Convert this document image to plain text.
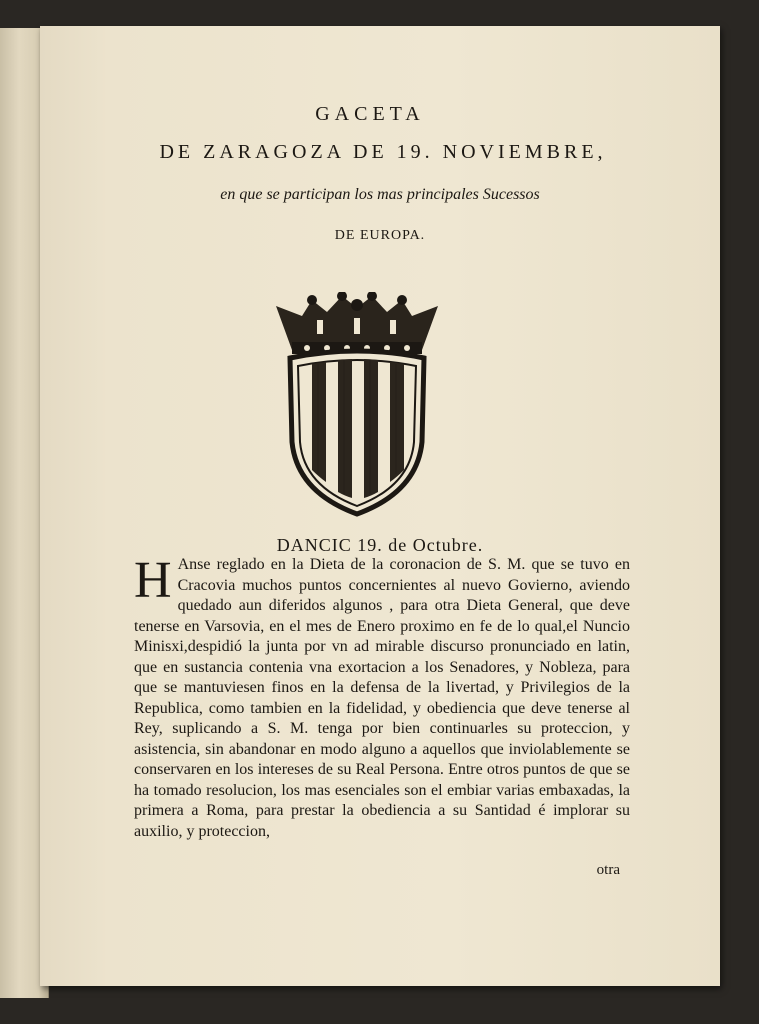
GACETA
DE ZARAGOZA DE 19. NOVIEMBRE,
en que se participan los mas principales Sucessos
DE EUROPA.
DANCIC 19. de Octubre.
H Anse reglado en la Dieta de la coronacion de S. M. que se tuvo en Cracovia muchos puntos concernientes al nuevo Govierno, aviendo quedado aun diferidos algunos , para otra Dieta General, que deve tenerse en Varsovia, en el mes de Enero proximo en fe de lo qual,el Nuncio Minisxi,despidió la junta por vn ad mirable discurso pronunciado en latin, que en sustancia contenia vna exortacion a los Senadores, y Nobleza, para que se mantuviesen finos en la defensa de la livertad, y Privilegios de la Republica, como tambien en la fidelidad, y obediencia que deve tenerse al Rey, suplicando a S. M. tenga por bien continuarles su proteccion, y asistencia, sin abandonar en modo alguno a aquellos que inviolablemente se conservaren en los intereses de su Real Persona. Entre otros puntos de que se ha tomado resolucion, los mas esenciales son el embiar varias embaxadas, la primera a Roma, para prestar la obediencia a su Santidad é implorar su auxilio, y proteccion,

otra
